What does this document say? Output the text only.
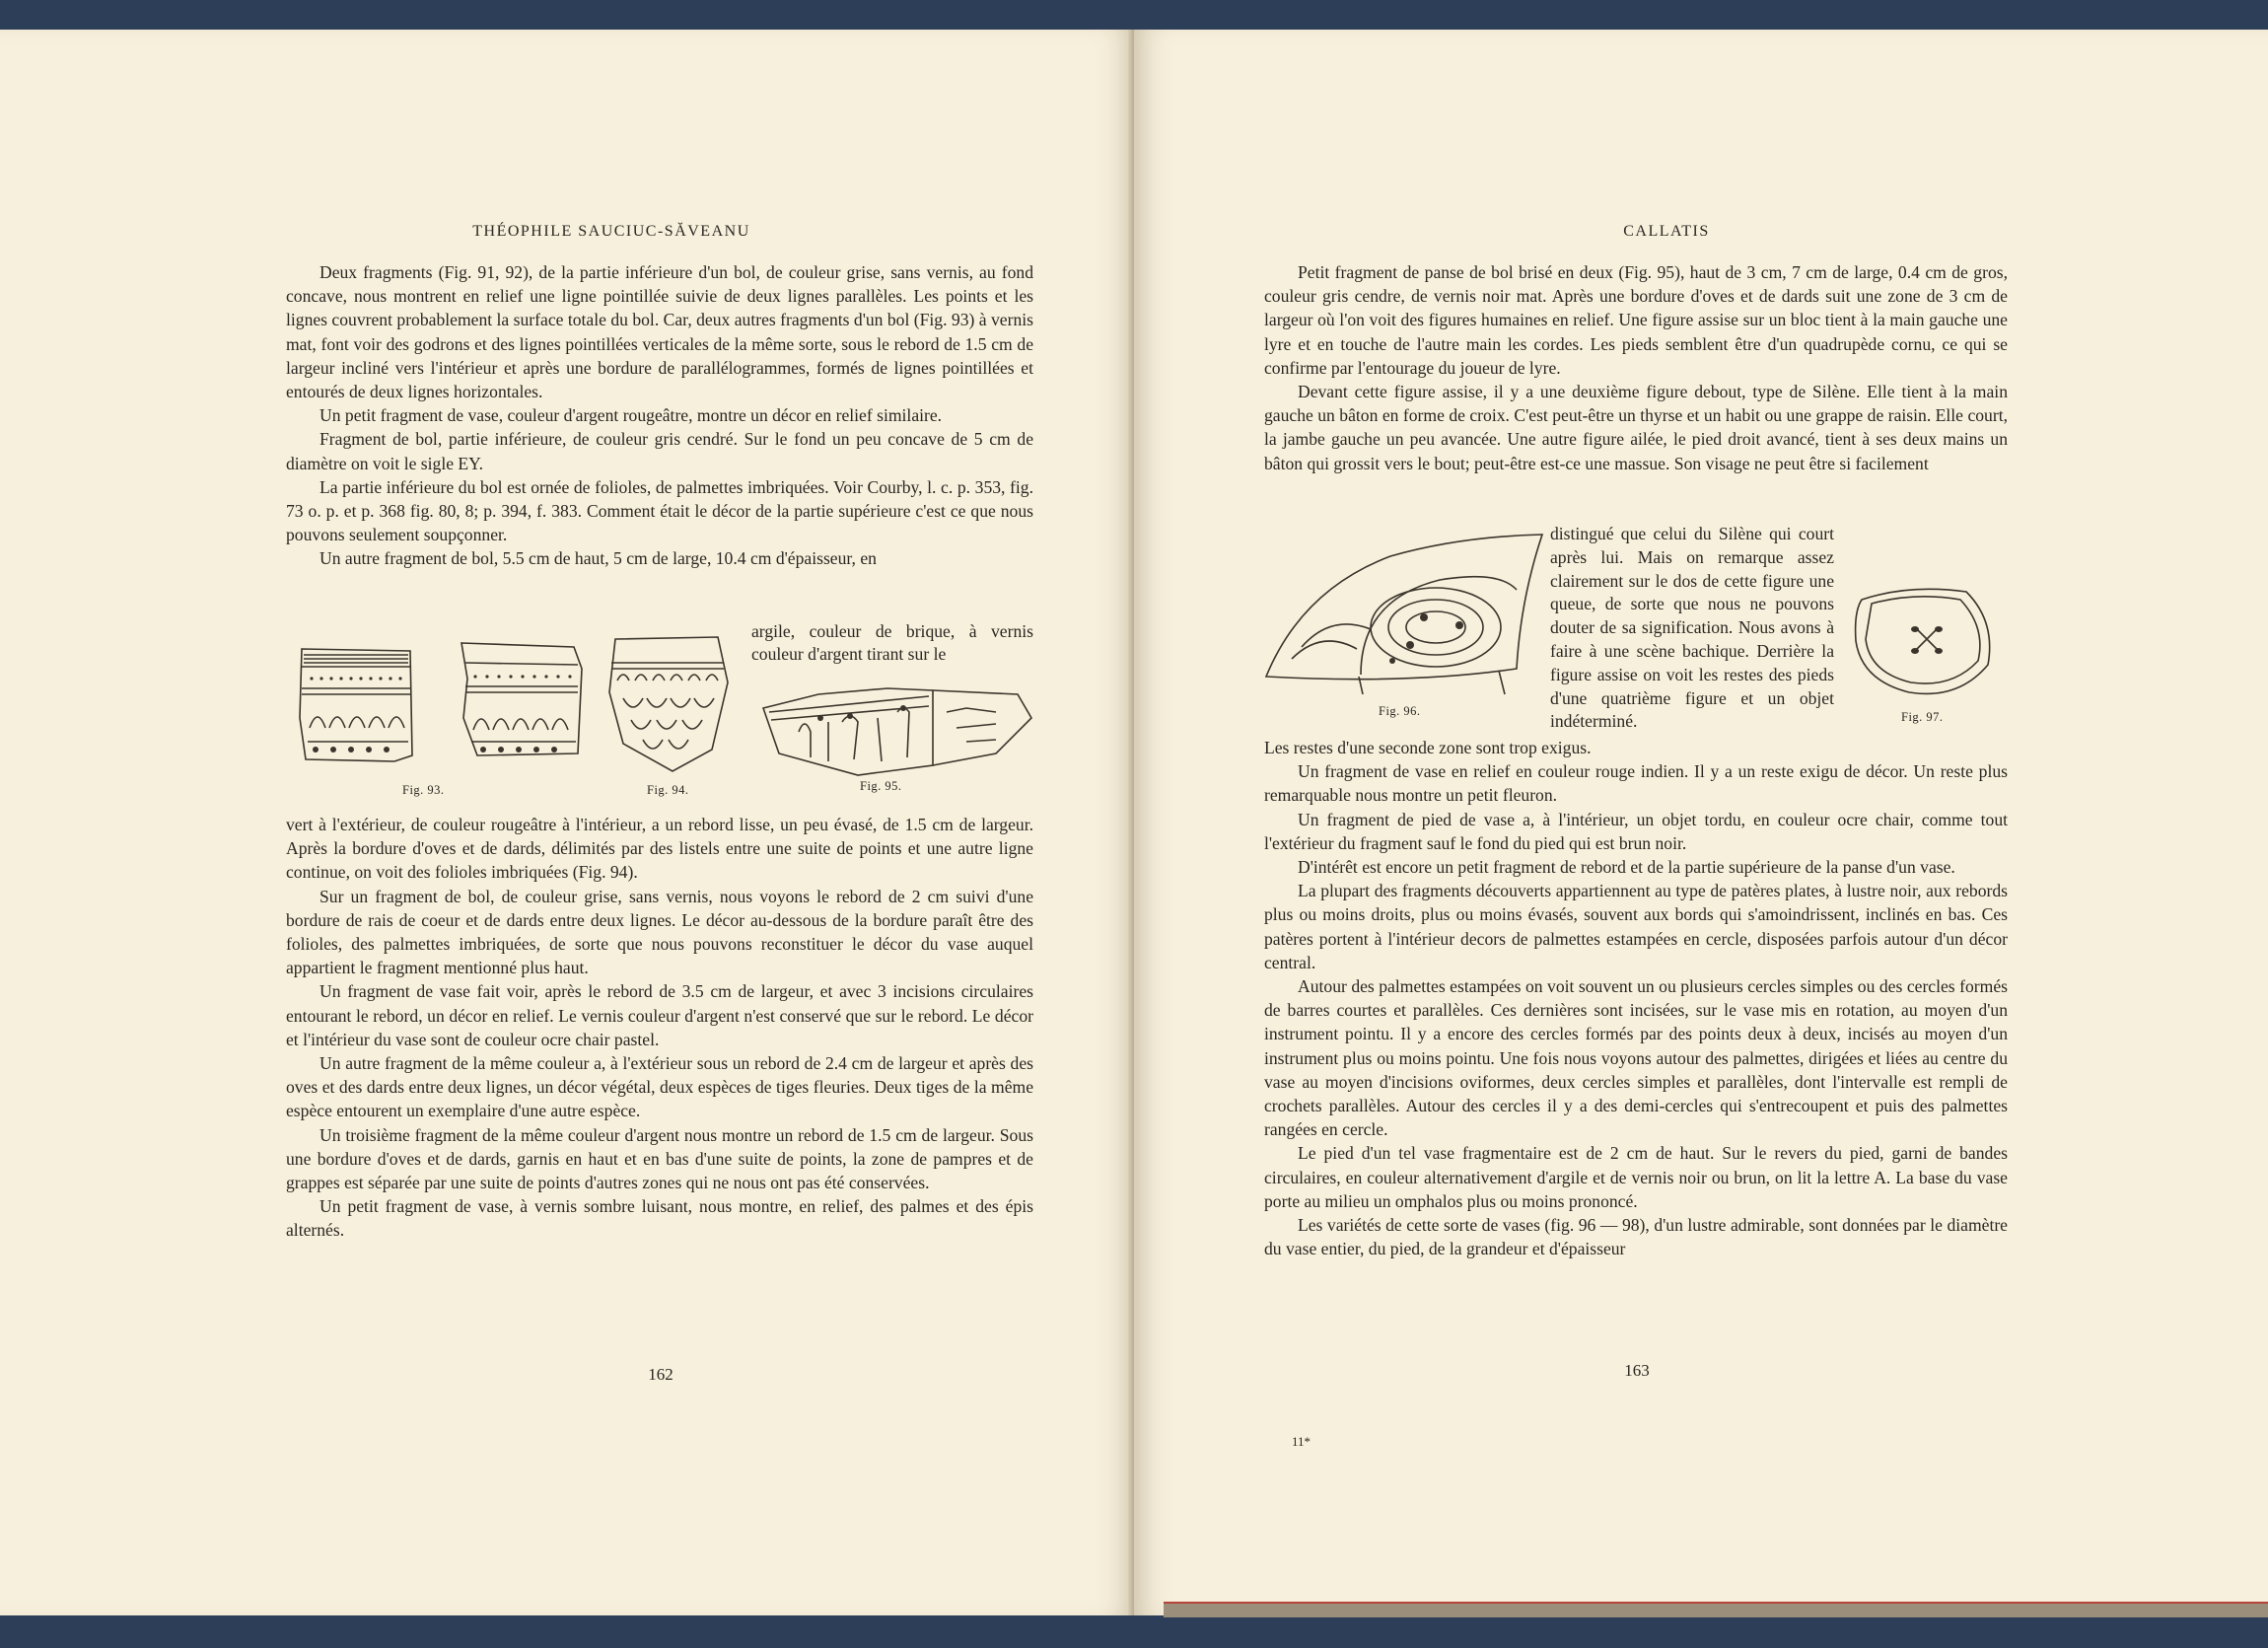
THÉOPHILE SAUCIUC-SĂVEANU

Deux fragments (Fig. 91, 92), de la partie inférieure d'un bol, de couleur grise, sans vernis, au fond concave, nous montrent en relief une ligne pointillée suivie de deux lignes parallèles. Les points et les lignes couvrent probablement la surface totale du bol. Car, deux autres fragments d'un bol (Fig. 93) à vernis mat, font voir des godrons et des lignes pointillées verticales de la même sorte, sous le rebord de 1.5 cm de largeur incliné vers l'intérieur et après une bordure de parallélogrammes, formés de lignes pointillées et entourés de deux lignes horizontales.

Un petit fragment de vase, couleur d'argent rougeâtre, montre un décor en relief similaire.

Fragment de bol, partie inférieure, de couleur gris cendré. Sur le fond un peu concave de 5 cm de diamètre on voit le sigle EY.

La partie inférieure du bol est ornée de folioles, de palmettes imbriquées. Voir Courby, l. c. p. 353, fig. 73 o. p. et p. 368 fig. 80, 8; p. 394, f. 383. Comment était le décor de la partie supérieure c'est ce que nous pouvons seulement soupçonner.

Un autre fragment de bol, 5.5 cm de haut, 5 cm de large, 10.4 cm d'épaisseur, en

argile, couleur de brique, à vernis couleur d'argent tirant sur le

Fig. 93.	Fig. 94.	Fig. 95.

vert à l'extérieur, de couleur rougeâtre à l'intérieur, a un rebord lisse, un peu évasé, de 1.5 cm de largeur. Après la bordure d'oves et de dards, délimités par des listels entre une suite de points et une autre ligne continue, on voit des folioles imbriquées (Fig. 94).

Sur un fragment de bol, de couleur grise, sans vernis, nous voyons le rebord de 2 cm suivi d'une bordure de rais de coeur et de dards entre deux lignes. Le décor au-dessous de la bordure paraît être des folioles, des palmettes imbriquées, de sorte que nous pouvons reconstituer le décor du vase auquel appartient le fragment mentionné plus haut.

Un fragment de vase fait voir, après le rebord de 3.5 cm de largeur, et avec 3 incisions circulaires entourant le rebord, un décor en relief. Le vernis couleur d'argent n'est conservé que sur le rebord. Le décor et l'intérieur du vase sont de couleur ocre chair pastel.

Un autre fragment de la même couleur a, à l'extérieur sous un rebord de 2.4 cm de largeur et après des oves et des dards entre deux lignes, un décor végétal, deux espèces de tiges fleuries. Deux tiges de la même espèce entourent un exemplaire d'une autre espèce.

Un troisième fragment de la même couleur d'argent nous montre un rebord de 1.5 cm de largeur. Sous une bordure d'oves et de dards, garnis en haut et en bas d'une suite de points, la zone de pampres et de grappes est séparée par une suite de points d'autres zones qui ne nous ont pas été conservées.

Un petit fragment de vase, à vernis sombre luisant, nous montre, en relief, des palmes et des épis alternés.

162
CALLATIS

Petit fragment de panse de bol brisé en deux (Fig. 95), haut de 3 cm, 7 cm de large, 0.4 cm de gros, couleur gris cendre, de vernis noir mat. Après une bordure d'oves et de dards suit une zone de 3 cm de largeur où l'on voit des figures humaines en relief. Une figure assise sur un bloc tient à la main gauche une lyre et en touche de l'autre main les cordes. Les pieds semblent être d'un quadrupède cornu, ce qui se confirme par l'entourage du joueur de lyre.

Devant cette figure assise, il y a une deuxième figure debout, type de Silène. Elle tient à la main gauche un bâton en forme de croix. C'est peut-être un thyrse et un habit ou une grappe de raisin. Elle court, la jambe gauche un peu avancée. Une autre figure ailée, le pied droit avancé, tient à ses deux mains un bâton qui grossit vers le bout; peut-être est-ce une massue. Son visage ne peut être si facilement

Fig. 96.

distingué que celui du Silène qui court après lui. Mais on remarque assez clairement sur le dos de cette figure une queue, de sorte que nous ne pouvons douter de sa signification. Nous avons à faire à une scène bachique. Derrière la figure assise on voit les restes des pieds d'une quatrième figure et un objet indéterminé.	Fig. 97.

Les restes d'une seconde zone sont trop exigus.

Un fragment de vase en relief en couleur rouge indien. Il y a un reste exigu de décor. Un reste plus remarquable nous montre un petit fleuron.

Un fragment de pied de vase a, à l'intérieur, un objet tordu, en couleur ocre chair, comme tout l'extérieur du fragment sauf le fond du pied qui est brun noir.

D'intérêt est encore un petit fragment de rebord et de la partie supérieure de la panse d'un vase.

La plupart des fragments découverts appartiennent au type de patères plates, à lustre noir, aux rebords plus ou moins droits, plus ou moins évasés, souvent aux bords qui s'amoindrissent, inclinés en bas. Ces patères portent à l'intérieur decors de palmettes estampées en cercle, disposées parfois autour d'un décor central.

Autour des palmettes estampées on voit souvent un ou plusieurs cercles simples ou des cercles formés de barres courtes et parallèles. Ces dernières sont incisées, sur le vase mis en rotation, au moyen d'un instrument pointu. Il y a encore des cercles formés par des points deux à deux, incisés au moyen d'un instrument plus ou moins pointu. Une fois nous voyons autour des palmettes, dirigées et liées au centre du vase au moyen d'incisions oviformes, deux cercles simples et parallèles, dont l'intervalle est rempli de crochets parallèles. Autour des cercles il y a des demi-cercles qui s'entrecoupent et puis des palmettes rangées en cercle.

Le pied d'un tel vase fragmentaire est de 2 cm de haut. Sur le revers du pied, garni de bandes circulaires, en couleur alternativement d'argile et de vernis noir ou brun, on lit la lettre A. La base du vase porte au milieu un omphalos plus ou moins prononcé.

Les variétés de cette sorte de vases (fig. 96 — 98), d'un lustre admirable, sont données par le diamètre du vase entier, du pied, de la grandeur et d'épaisseur

163
11*
